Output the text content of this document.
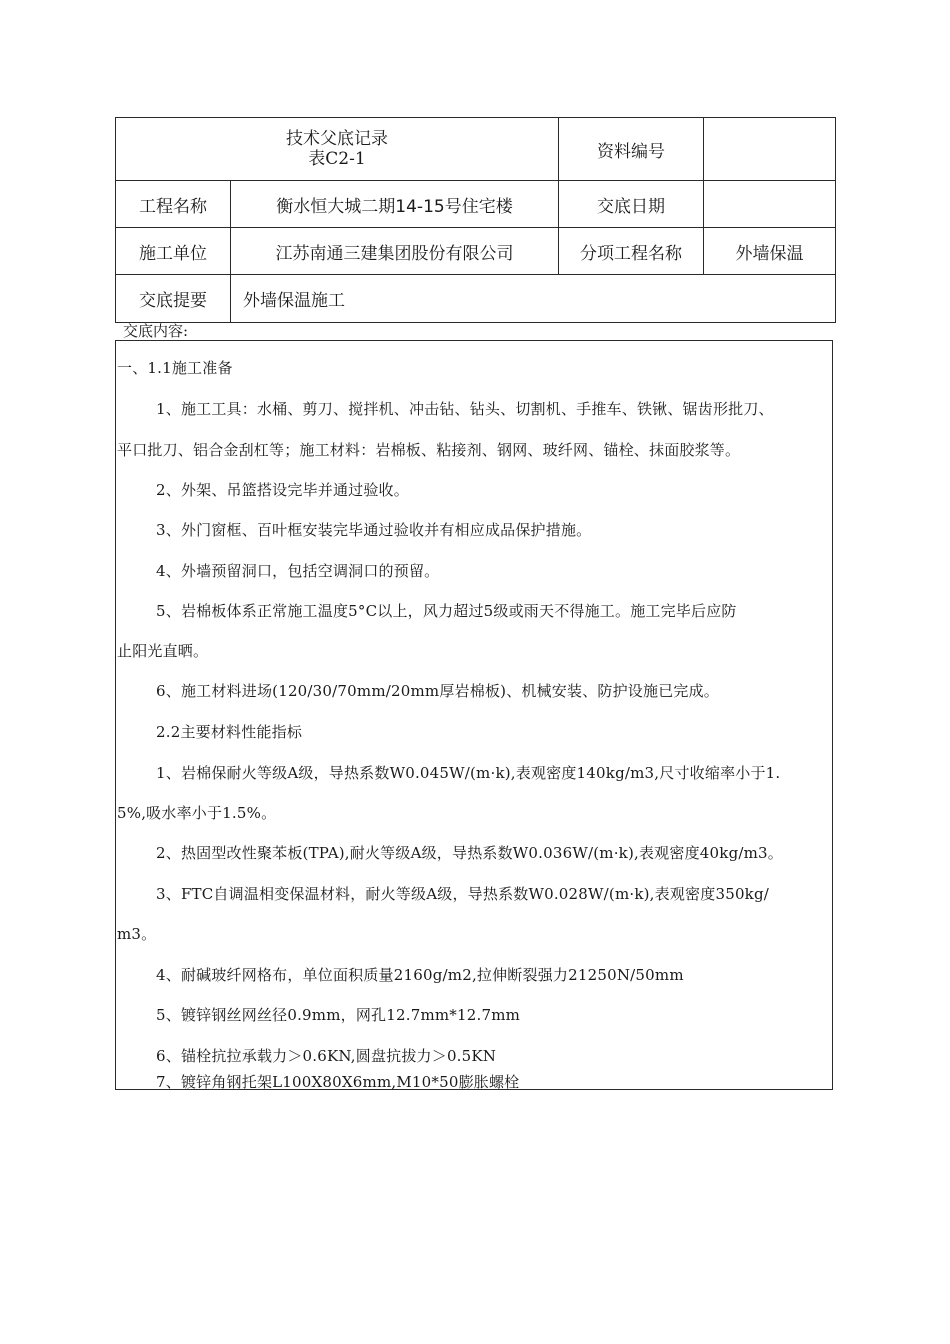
技术父底记录
表C2-1		资料编号	
工程名称	衡水恒大城二期14-15号住宅楼	交底日期	
施工单位	江苏南通三建集团股份有限公司	分项工程名称	外墙保温
交底提要	外墙保温施工		
交底内容:
一、1.1施工准备
1、施工工具：水桶、剪刀、搅拌机、冲击钻、钻头、切割机、手推车、铁锹、锯齿形批刀、
平口批刀、铝合金刮杠等；施工材料：岩棉板、粘接剂、钢网、玻纤网、锚栓、抹面胶浆等。
2、外架、吊篮搭设完毕并通过验收。
3、外门窗框、百叶框安装完毕通过验收并有相应成品保护措施。
4、外墙预留洞口，包括空调洞口的预留。
5、岩棉板体系正常施工温度5°C以上，风力超过5级或雨天不得施工。施工完毕后应防
止阳光直晒。
6、施工材料进场(120/30/70mm/20mm厚岩棉板)、机械安装、防护设施已完成。
2.2主要材料性能指标
1、岩棉保耐火等级A级，导热系数W0.045W/(m·k),表观密度140kg/m3,尺寸收缩率小于1.
5%,吸水率小于1.5%。
2、热固型改性聚苯板(TPA),耐火等级A级，导热系数W0.036W/(m·k),表观密度40kg/m3。
3、FTC自调温相变保温材料，耐火等级A级，导热系数W0.028W/(m·k),表观密度350kg/
m3。
4、耐碱玻纤网格布，单位面积质量2160g/m2,拉伸断裂强力21250N/50mm
5、镀锌钢丝网丝径0.9mm，网孔12.7mm*12.7mm
6、锚栓抗拉承载力＞0.6KN,圆盘抗拔力＞0.5KN
7、镀锌角钢托架L100X80X6mm,M10*50膨胀螺栓
